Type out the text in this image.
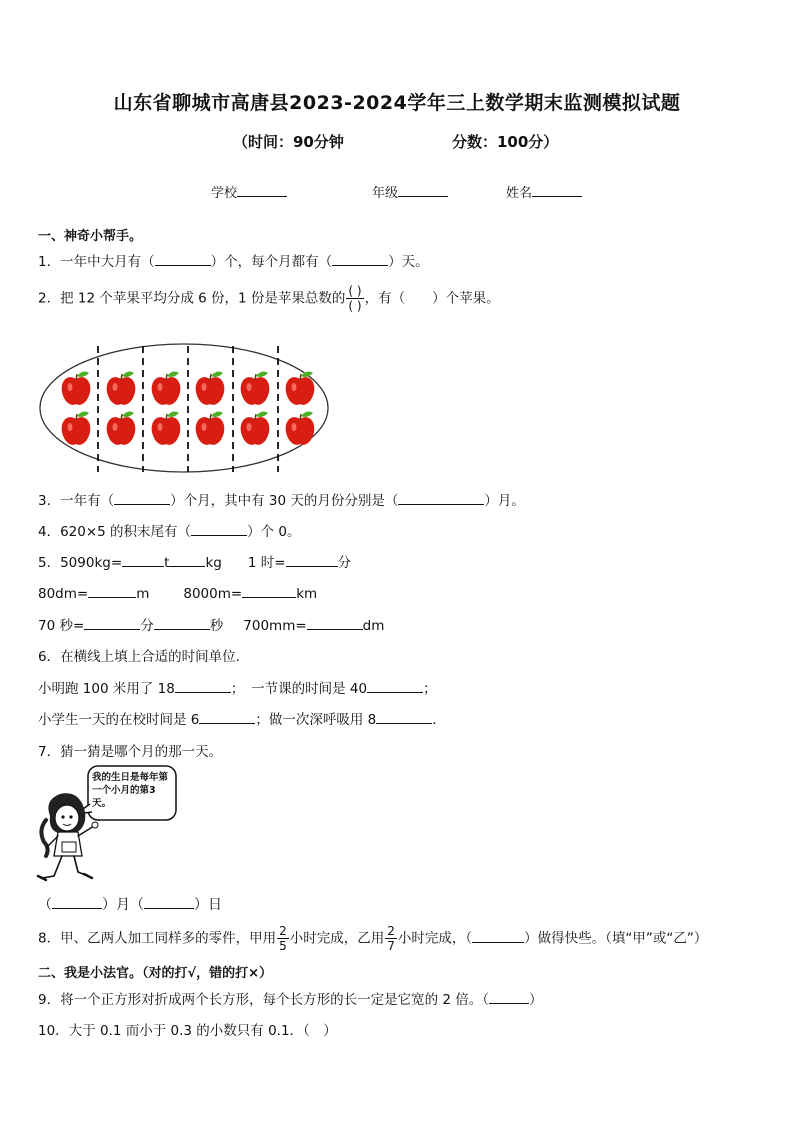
山东省聊城市高唐县2023-2024学年三上数学期末监测模拟试题
（时间：90分钟	分数：100分）
学校	年级	姓名
一、神奇小帮手。
1．一年中大月有（	）个，每个月都有（	）天。
2．把 12 个苹果平均分成 6 份，1 份是苹果总数的 $\frac{( )}{( )}$ ，有（　　）个苹果。
3．一年有（	）个月，其中有 30 天的月份分别是（	）月。
4．620×5 的积末尾有（	）个 0。
5．5090kg=	t	kg 1 时=	分
80dm=	m	8000m=	km
70 秒=	分	秒 700mm=	dm
6．在横线上填上合适的时间单位．
小明跑 100 米用了 18	；　一节课的时间是 40	；
小学生一天的在校时间是 6	；做一次深呼吸用 8	．
7．猜一猜是哪个月的那一天。
我的生日是每年第一个小月的第3天。
（	）月（	）日
8．甲、乙两人加工同样多的零件，甲用 $\frac{2}{5}$ 小时完成，乙用 $\frac{2}{7}$ 小时完成，（	）做得快些。（填“甲”或“乙”）
二、我是小法官。（对的打√，错的打×）
9．将一个正方形对折成两个长方形，每个长方形的长一定是它宽的 2 倍。（	）
10．大于 0.1 而小于 0.3 的小数只有 0.1．（　）
